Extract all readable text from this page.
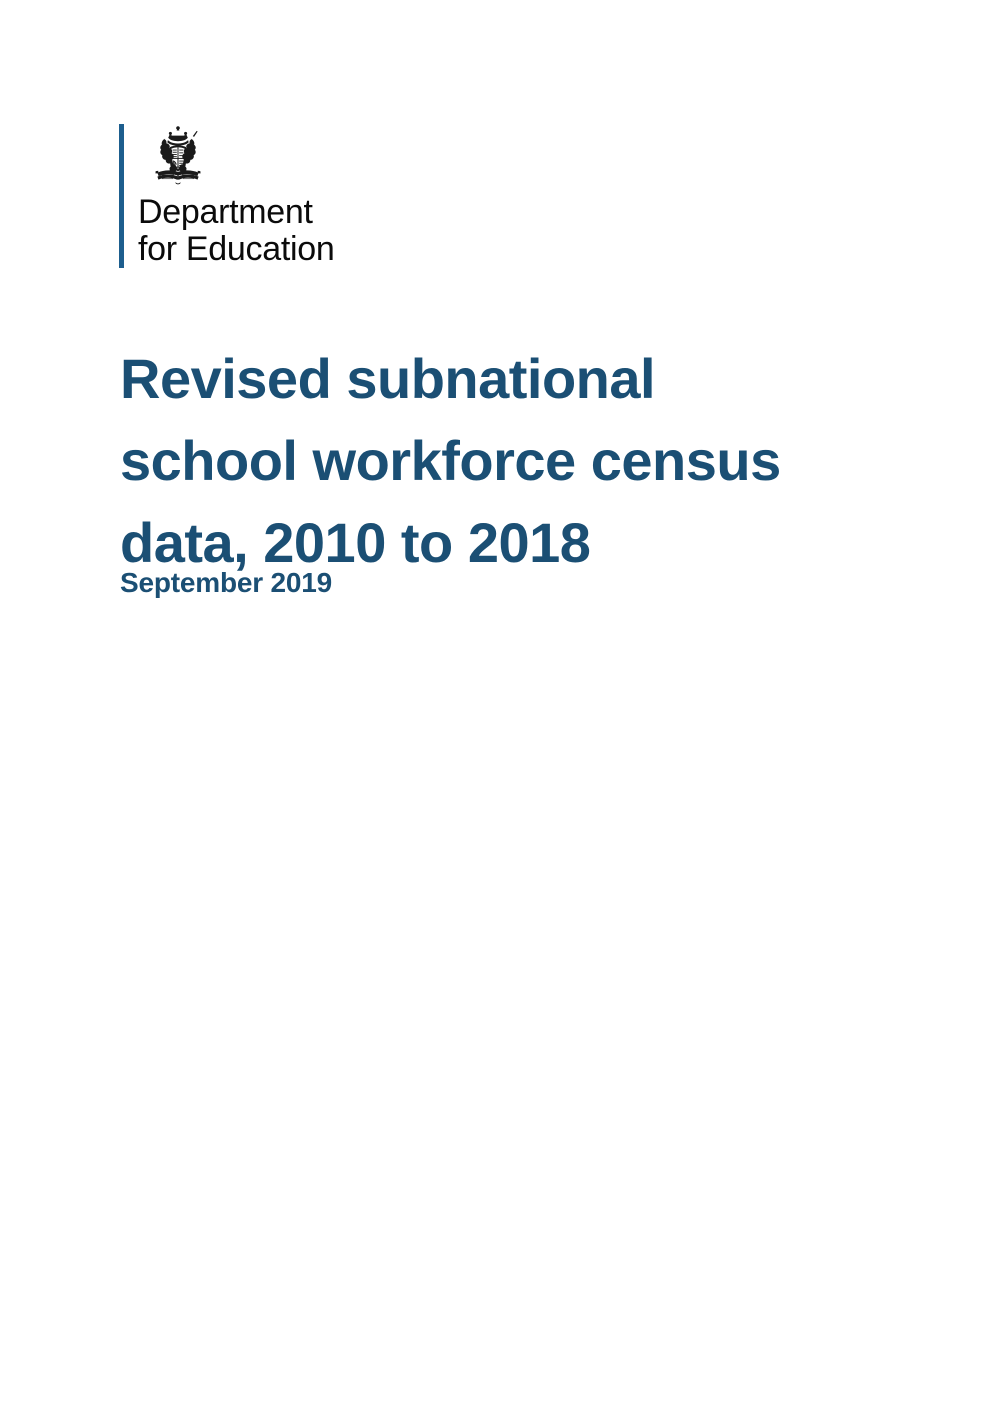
Department
for Education
Revised subnational
school workforce census
data, 2010 to 2018
September 2019
